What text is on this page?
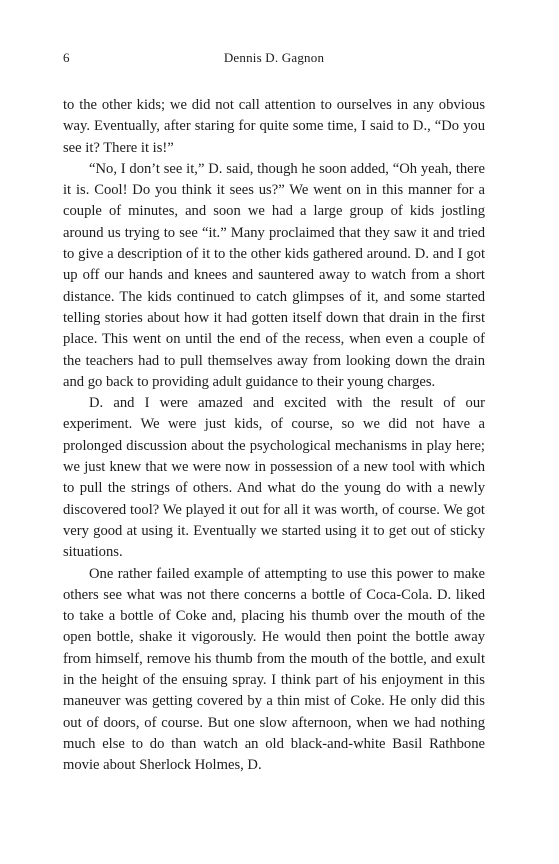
6	Dennis D. Gagnon

to the other kids; we did not call attention to ourselves in any obvious way. Eventually, after staring for quite some time, I said to D., “Do you see it? There it is!”

“No, I don’t see it,” D. said, though he soon added, “Oh yeah, there it is. Cool! Do you think it sees us?” We went on in this manner for a couple of minutes, and soon we had a large group of kids jostling around us trying to see “it.” Many proclaimed that they saw it and tried to give a description of it to the other kids gathered around. D. and I got up off our hands and knees and sauntered away to watch from a short distance. The kids continued to catch glimpses of it, and some started telling stories about how it had gotten itself down that drain in the first place. This went on until the end of the recess, when even a couple of the teachers had to pull themselves away from looking down the drain and go back to providing adult guidance to their young charges.

D. and I were amazed and excited with the result of our experiment. We were just kids, of course, so we did not have a prolonged discussion about the psychological mechanisms in play here; we just knew that we were now in possession of a new tool with which to pull the strings of others. And what do the young do with a newly discovered tool? We played it out for all it was worth, of course. We got very good at using it. Eventually we started using it to get out of sticky situations.

One rather failed example of attempting to use this power to make others see what was not there concerns a bottle of Coca-Cola. D. liked to take a bottle of Coke and, placing his thumb over the mouth of the open bottle, shake it vigorously. He would then point the bottle away from himself, remove his thumb from the mouth of the bottle, and exult in the height of the ensuing spray. I think part of his enjoyment in this maneuver was getting covered by a thin mist of Coke. He only did this out of doors, of course. But one slow afternoon, when we had nothing much else to do than watch an old black-and-white Basil Rathbone movie about Sherlock Holmes, D.
